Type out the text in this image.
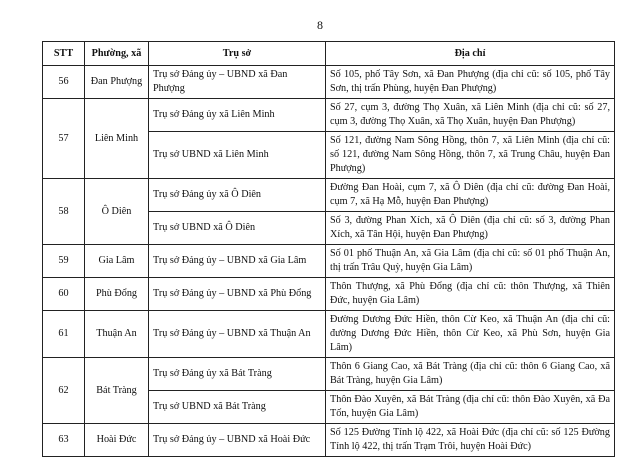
8
STT	Phường, xã	Trụ sở	Địa chỉ
56	Đan Phượng	Trụ sở Đảng ủy – UBND xã Đan Phượng	Số 105, phố Tây Sơn, xã Đan Phượng (địa chỉ cũ: số 105, phố Tây Sơn, thị trấn Phùng, huyện Đan Phượng)
57	Liên Minh	Trụ sở Đảng ủy xã Liên Minh	Số 27, cụm 3, đường Thọ Xuân, xã Liên Minh (địa chỉ cũ: số 27, cụm 3, đường Thọ Xuân, xã Thọ Xuân, huyện Đan Phượng)
		Trụ sở UBND xã Liên Minh	Số 121, đường Nam Sông Hồng, thôn 7, xã Liên Minh (địa chỉ cũ: số 121, đường Nam Sông Hồng, thôn 7, xã Trung Châu, huyện Đan Phượng)
58	Ô Diên	Trụ sở Đảng ủy xã Ô Diên	Đường Đan Hoài, cụm 7, xã Ô Diên (địa chỉ cũ: đường Đan Hoài, cụm 7, xã Hạ Mỗ, huyện Đan Phượng)
		Trụ sở UBND xã Ô Diên	Số 3, đường Phan Xích, xã Ô Diên (địa chỉ cũ: số 3, đường Phan Xích, xã Tân Hội, huyện Đan Phượng)
59	Gia Lâm	Trụ sở Đảng ủy – UBND xã Gia Lâm	Số 01 phố Thuận An, xã Gia Lâm (địa chỉ cũ: số 01 phố Thuận An, thị trấn Trâu Quỳ, huyện Gia Lâm)
60	Phù Đổng	Trụ sở Đảng ủy – UBND xã Phù Đổng	Thôn Thượng, xã Phù Đổng (địa chỉ cũ: thôn Thượng, xã Thiên Đức, huyện Gia Lâm)
61	Thuận An	Trụ sở Đảng ủy – UBND xã Thuận An	Đường Dương Đức Hiền, thôn Cừ Keo, xã Thuận An (địa chỉ cũ: đường Dương Đức Hiền, thôn Cừ Keo, xã Phù Sơn, huyện Gia Lâm)
62	Bát Tràng	Trụ sở Đảng ủy xã Bát Tràng	Thôn 6 Giang Cao, xã Bát Tràng (địa chỉ cũ: thôn 6 Giang Cao, xã Bát Tràng, huyện Gia Lâm)
		Trụ sở UBND xã Bát Tràng	Thôn Đào Xuyên, xã Bát Tràng (địa chỉ cũ: thôn Đào Xuyên, xã Đa Tốn, huyện Gia Lâm)
63	Hoài Đức	Trụ sở Đảng ủy – UBND xã Hoài Đức	Số 125 Đường Tỉnh lộ 422, xã Hoài Đức (địa chỉ cũ: số 125 Đường Tỉnh lộ 422, thị trấn Trạm Trôi, huyện Hoài Đức)
